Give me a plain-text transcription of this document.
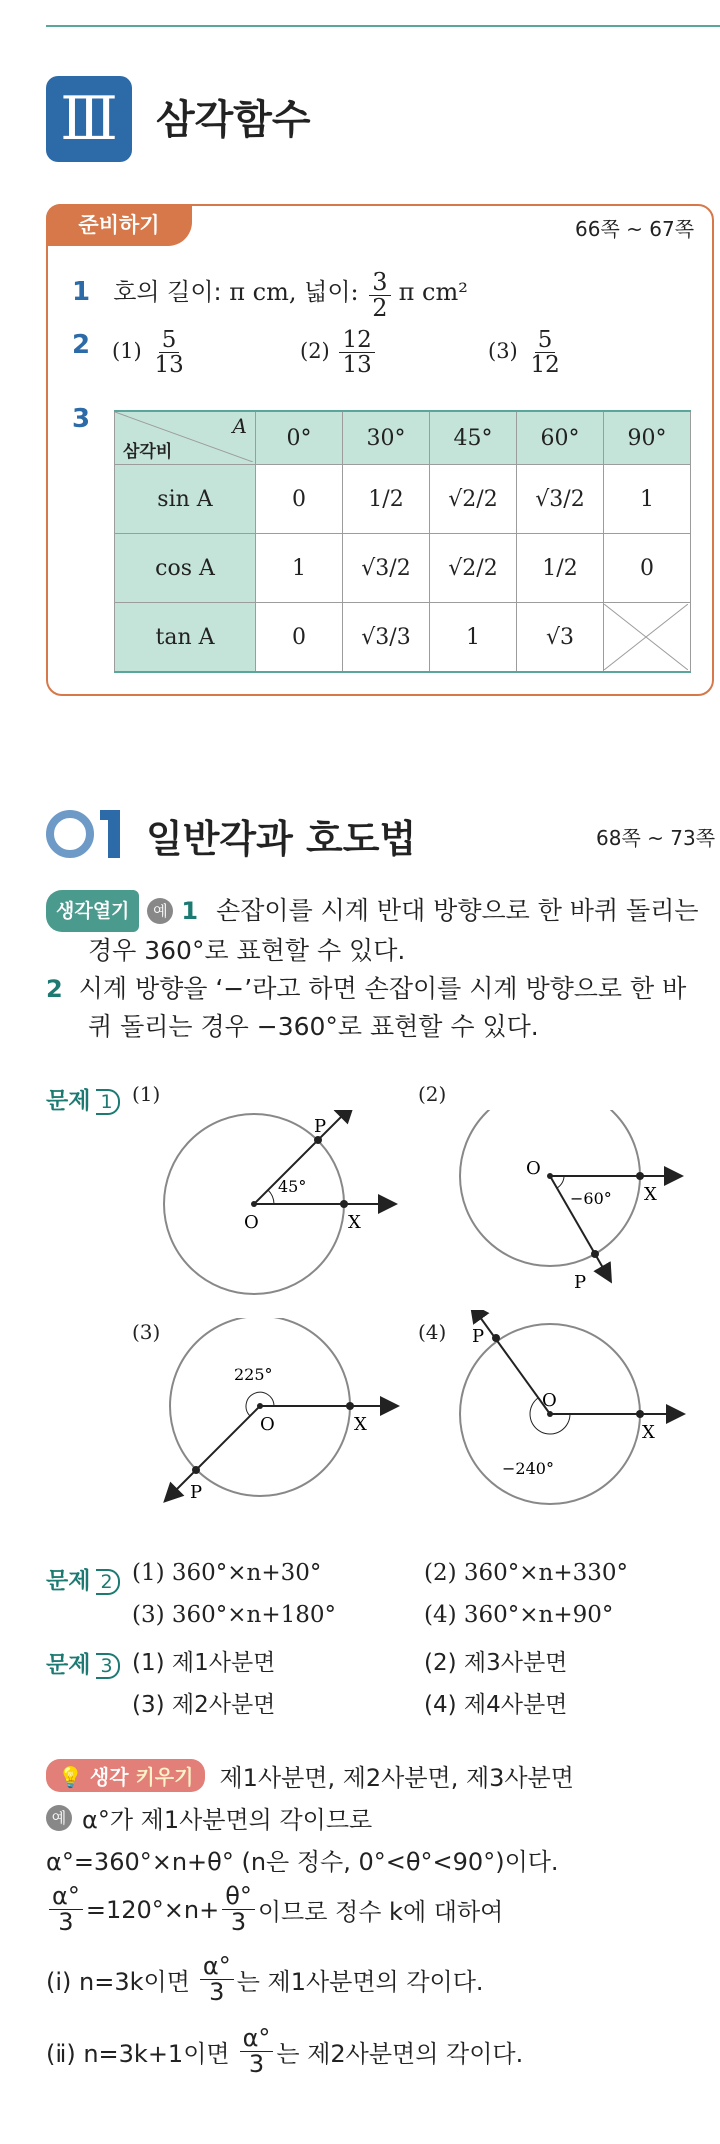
Ⅲ 삼각함수
준비하기	66쪽 ~ 67쪽
1 호의 길이: π cm, 넓이: $\frac{3}{2}$ π cm²
2 $(1) \frac{5}{13}$	$(2) \frac{12}{13}$	$(3) \frac{5}{12}$
3	A
삼각비	0°	30°	45°	60°	90°
sin A	0	1/2	√2/2	√3/2	1
cos A	1	√3/2	√2/2	1/2	0
tan A	0	√3/3	1	√3	
일반각과 호도법	68쪽 ~ 73쪽
생각열기	예 1 손잡이를 시계 반대 방향으로 한 바퀴 돌리는
경우 360°로 표현할 수 있다.
2 시계 방향을 ‘−’라고 하면 손잡이를 시계 방향으로 한 바
퀴 돌리는 경우 −360°로 표현할 수 있다.
문제 1 (1)	(2)
(3)	(4)
45°
O	X
P
−60°
O
X
P
225°
O	X
P
−240°
O
X
P
문제 2 (1) 360°×n+30°	(2) 360°×n+330°
(3) 360°×n+180°	(4) 360°×n+90°
문제 3 (1) 제1사분면	(2) 제3사분면
(3) 제2사분면	(4) 제4사분면
💡 생각 키우기	제1사분면, 제2사분면, 제3사분면
예 α°가 제1사분면의 각이므로
α°=360°×n+θ° (n은 정수, 0°<θ°<90°)이다.
$\frac{\alpha^\circ}{3} =120^\circ\times n+ \frac{\theta^\circ}{3}$ 이므로 정수 k에 대하여
(ⅰ) n=3k이면 $\frac{\alpha^\circ}{3}$ 는 제1사분면의 각이다.
(ⅱ) n=3k+1이면 $\frac{\alpha^\circ}{3}$ 는 제2사분면의 각이다.
